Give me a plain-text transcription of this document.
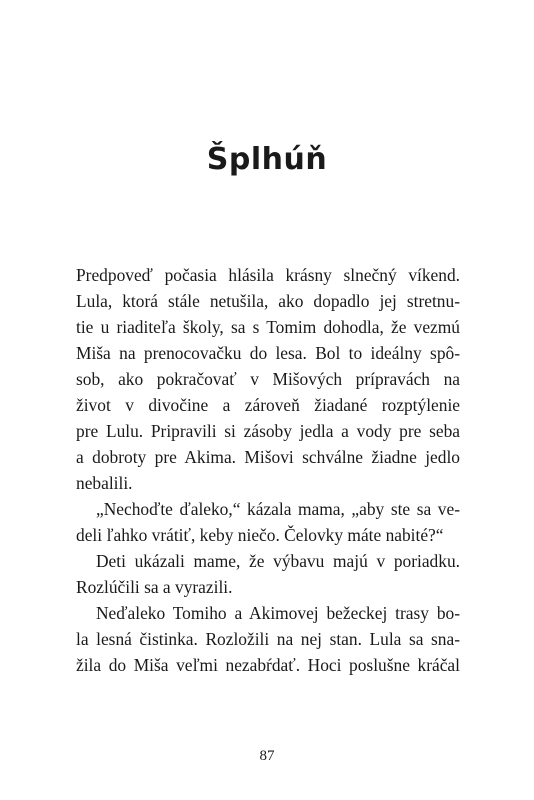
Šplhúň
Predpoveď počasia hlásila krásny slnečný víkend.
Lula, ktorá stále netušila, ako dopadlo jej stretnu-
tie u riaditeľa školy, sa s Tomim dohodla, že vezmú
Miša na prenocovačku do lesa. Bol to ideálny spô-
sob, ako pokračovať v Mišových prípravách na
život v divočine a zároveň žiadané rozptýlenie
pre Lulu. Pripravili si zásoby jedla a vody pre seba
a dobroty pre Akima. Mišovi schválne žiadne jedlo
nebalili.
„Nechoďte ďaleko,“ kázala mama, „aby ste sa ve-
deli ľahko vrátiť, keby niečo. Čelovky máte nabité?“
Deti ukázali mame, že výbavu majú v poriadku.
Rozlúčili sa a vyrazili.
Neďaleko Tomiho a Akimovej bežeckej trasy bo-
la lesná čistinka. Rozložili na nej stan. Lula sa sna-
žila do Miša veľmi nezabŕdať. Hoci poslušne kráčal
87
